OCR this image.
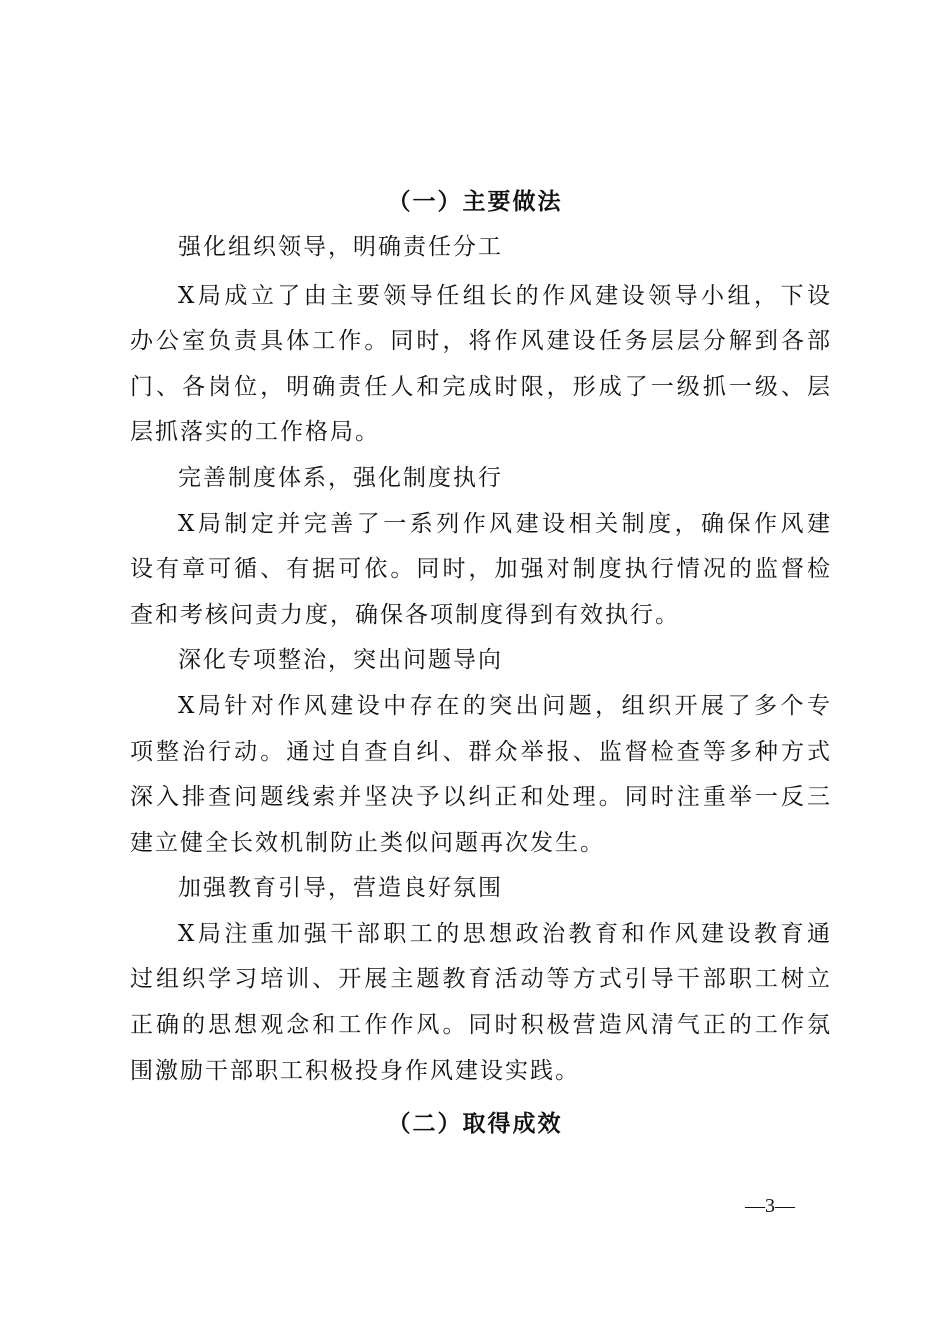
（一）主要做法
强化组织领导，明确责任分工
X局成立了由主要领导任组长的作风建设领导小组，下设
办公室负责具体工作。同时，将作风建设任务层层分解到各部
门、各岗位，明确责任人和完成时限，形成了一级抓一级、层
层抓落实的工作格局。
完善制度体系，强化制度执行
X局制定并完善了一系列作风建设相关制度，确保作风建
设有章可循、有据可依。同时，加强对制度执行情况的监督检
查和考核问责力度，确保各项制度得到有效执行。
深化专项整治，突出问题导向
X局针对作风建设中存在的突出问题，组织开展了多个专
项整治行动。通过自查自纠、群众举报、监督检查等多种方式
深入排查问题线索并坚决予以纠正和处理。同时注重举一反三
建立健全长效机制防止类似问题再次发生。
加强教育引导，营造良好氛围
X局注重加强干部职工的思想政治教育和作风建设教育通
过组织学习培训、开展主题教育活动等方式引导干部职工树立
正确的思想观念和工作作风。同时积极营造风清气正的工作氛
围激励干部职工积极投身作风建设实践。
（二）取得成效
—3—
